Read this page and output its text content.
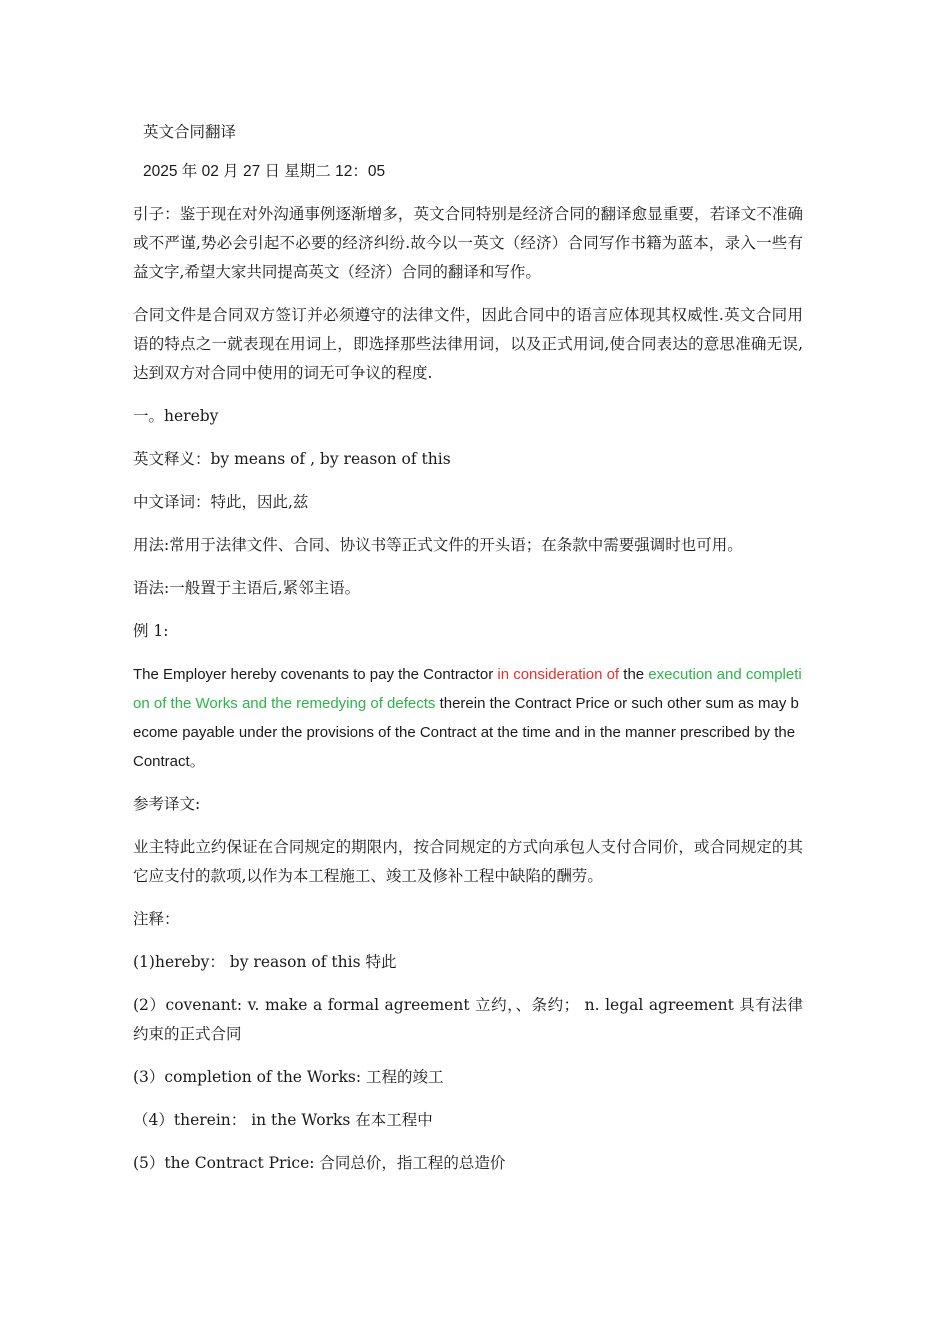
英文合同翻译

2025 年 02 月 27 日 星期二 12：05

引子：鉴于现在对外沟通事例逐渐增多，英文合同特别是经济合同的翻译愈显重要，若译文不准确或不严谨,势必会引起不必要的经济纠纷.故今以一英文（经济）合同写作书籍为蓝本，录入一些有益文字,希望大家共同提高英文（经济）合同的翻译和写作。

合同文件是合同双方签订并必须遵守的法律文件，因此合同中的语言应体现其权威性.英文合同用语的特点之一就表现在用词上，即选择那些法律用词，以及正式用词,使合同表达的意思准确无误,达到双方对合同中使用的词无可争议的程度.

一。hereby

英文释义：by means of , by reason of this

中文译词：特此，因此,兹

用法:常用于法律文件、合同、协议书等正式文件的开头语；在条款中需要强调时也可用。

语法:一般置于主语后,紧邻主语。

例 1:

The Employer hereby covenants to pay the Contractor in consideration of the execution and completion of the Works and the remedying of defects therein the Contract Price or such other sum as may become payable under the provisions of the Contract at the time and in the manner prescribed by the Contract。

参考译文:

业主特此立约保证在合同规定的期限内，按合同规定的方式向承包人支付合同价，或合同规定的其它应支付的款项,以作为本工程施工、竣工及修补工程中缺陷的酬劳。

注释：

(1)hereby： by reason of this 特此

(2）covenant: v. make a formal agreement 立约，、条约； n. legal agreement 具有法律约束的正式合同

(3）completion of the Works: 工程的竣工

（4）therein： in the Works 在本工程中

(5）the Contract Price: 合同总价，指工程的总造价
